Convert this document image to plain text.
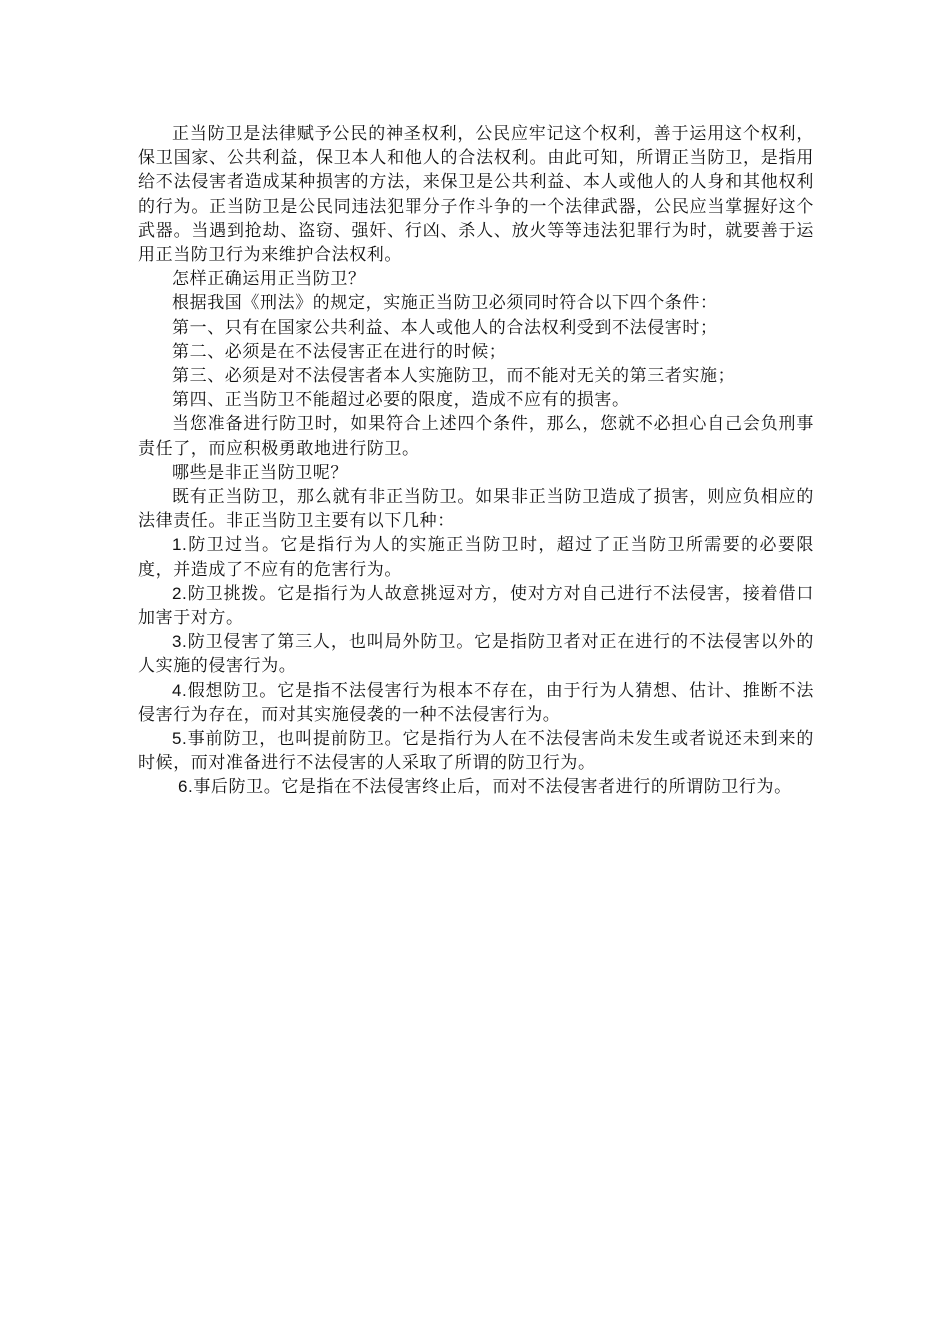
正当防卫是法律赋予公民的神圣权利，公民应牢记这个权利，善于运用这个权利，保卫国家、公共利益，保卫本人和他人的合法权利。由此可知，所谓正当防卫，是指用给不法侵害者造成某种损害的方法，来保卫是公共利益、本人或他人的人身和其他权利的行为。正当防卫是公民同违法犯罪分子作斗争的一个法律武器，公民应当掌握好这个武器。当遇到抢劫、盗窃、强奸、行凶、杀人、放火等等违法犯罪行为时，就要善于运用正当防卫行为来维护合法权利。

怎样正确运用正当防卫？

根据我国《刑法》的规定，实施正当防卫必须同时符合以下四个条件：

第一、只有在国家公共利益、本人或他人的合法权利受到不法侵害时；

第二、必须是在不法侵害正在进行的时候；

第三、必须是对不法侵害者本人实施防卫，而不能对无关的第三者实施；

第四、正当防卫不能超过必要的限度，造成不应有的损害。

当您准备进行防卫时，如果符合上述四个条件，那么，您就不必担心自己会负刑事责任了，而应积极勇敢地进行防卫。

哪些是非正当防卫呢？

既有正当防卫，那么就有非正当防卫。如果非正当防卫造成了损害，则应负相应的法律责任。非正当防卫主要有以下几种：

1.防卫过当。它是指行为人的实施正当防卫时，超过了正当防卫所需要的必要限度，并造成了不应有的危害行为。

2.防卫挑拨。它是指行为人故意挑逗对方，使对方对自己进行不法侵害，接着借口加害于对方。

3.防卫侵害了第三人，也叫局外防卫。它是指防卫者对正在进行的不法侵害以外的人实施的侵害行为。

4.假想防卫。它是指不法侵害行为根本不存在，由于行为人猜想、估计、推断不法侵害行为存在，而对其实施侵袭的一种不法侵害行为。

5.事前防卫，也叫提前防卫。它是指行为人在不法侵害尚未发生或者说还未到来的时候，而对准备进行不法侵害的人采取了所谓的防卫行为。

6.事后防卫。它是指在不法侵害终止后，而对不法侵害者进行的所谓防卫行为。
